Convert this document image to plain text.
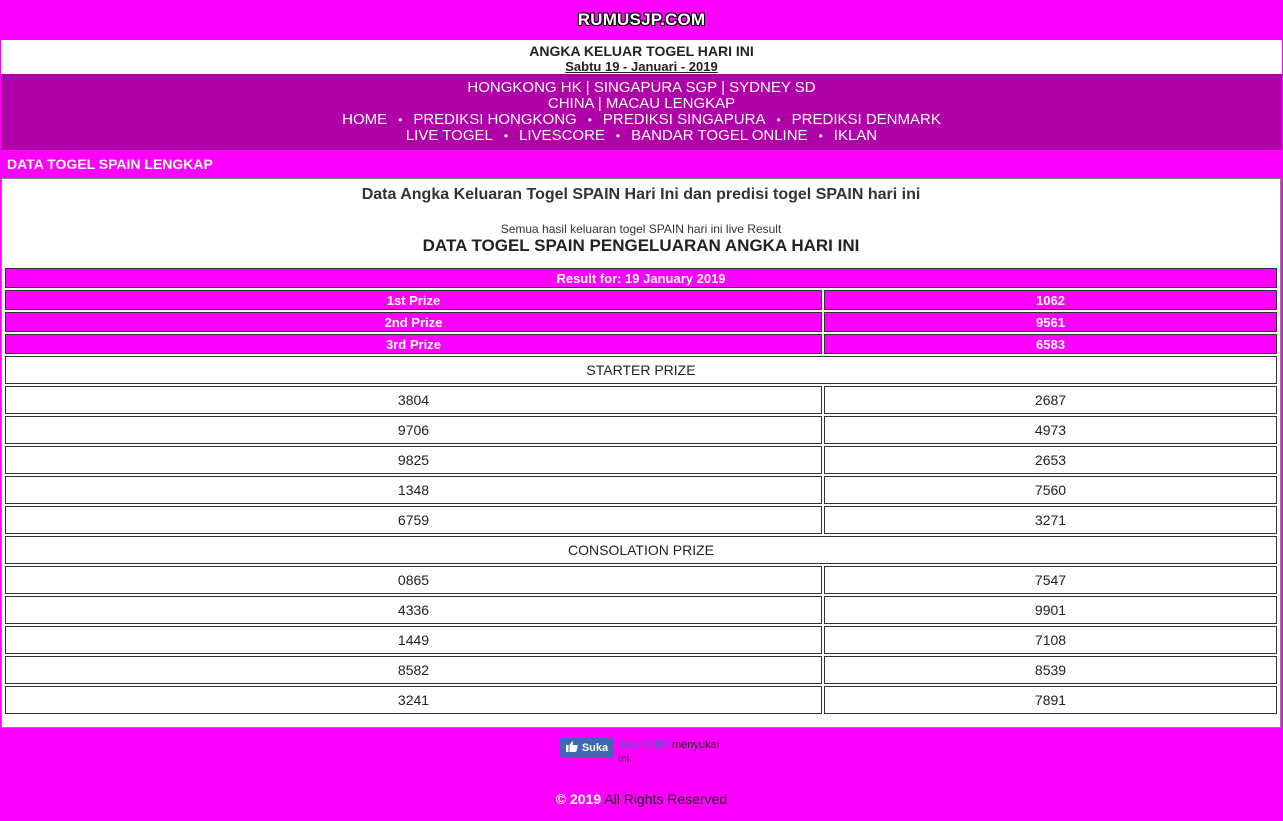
RUMUSJP.COM
ANGKA KELUAR TOGEL HARI INI
Sabtu 19 - Januari - 2019
HONGKONG HK | SINGAPURA SGP | SYDNEY SD
CHINA | MACAU LENGKAP
HOME • PREDIKSI HONGKONG • PREDIKSI SINGAPURA • PREDIKSI DENMARK
LIVE TOGEL • LIVESCORE • BANDAR TOGEL ONLINE • IKLAN
DATA TOGEL SPAIN LENGKAP
Data Angka Keluaran Togel SPAIN Hari Ini dan predisi togel SPAIN hari ini
Semua hasil keluaran togel SPAIN hari ini live Result
DATA TOGEL SPAIN PENGELUARAN ANGKA HARI INI
Result for: 19 January 2019	
1st Prize	1062
2nd Prize	9561
3rd Prize	6583
STARTER PRIZE	
3804	2687
9706	4973
9825	2653
1348	7560
6759	3271
CONSOLATION PRIZE	
0865	7547
4336	9901
1449	7108
8582	8539
3241	7891
Suka Joni Salim menyukai ini.
© 2019 All Rights Reserved
